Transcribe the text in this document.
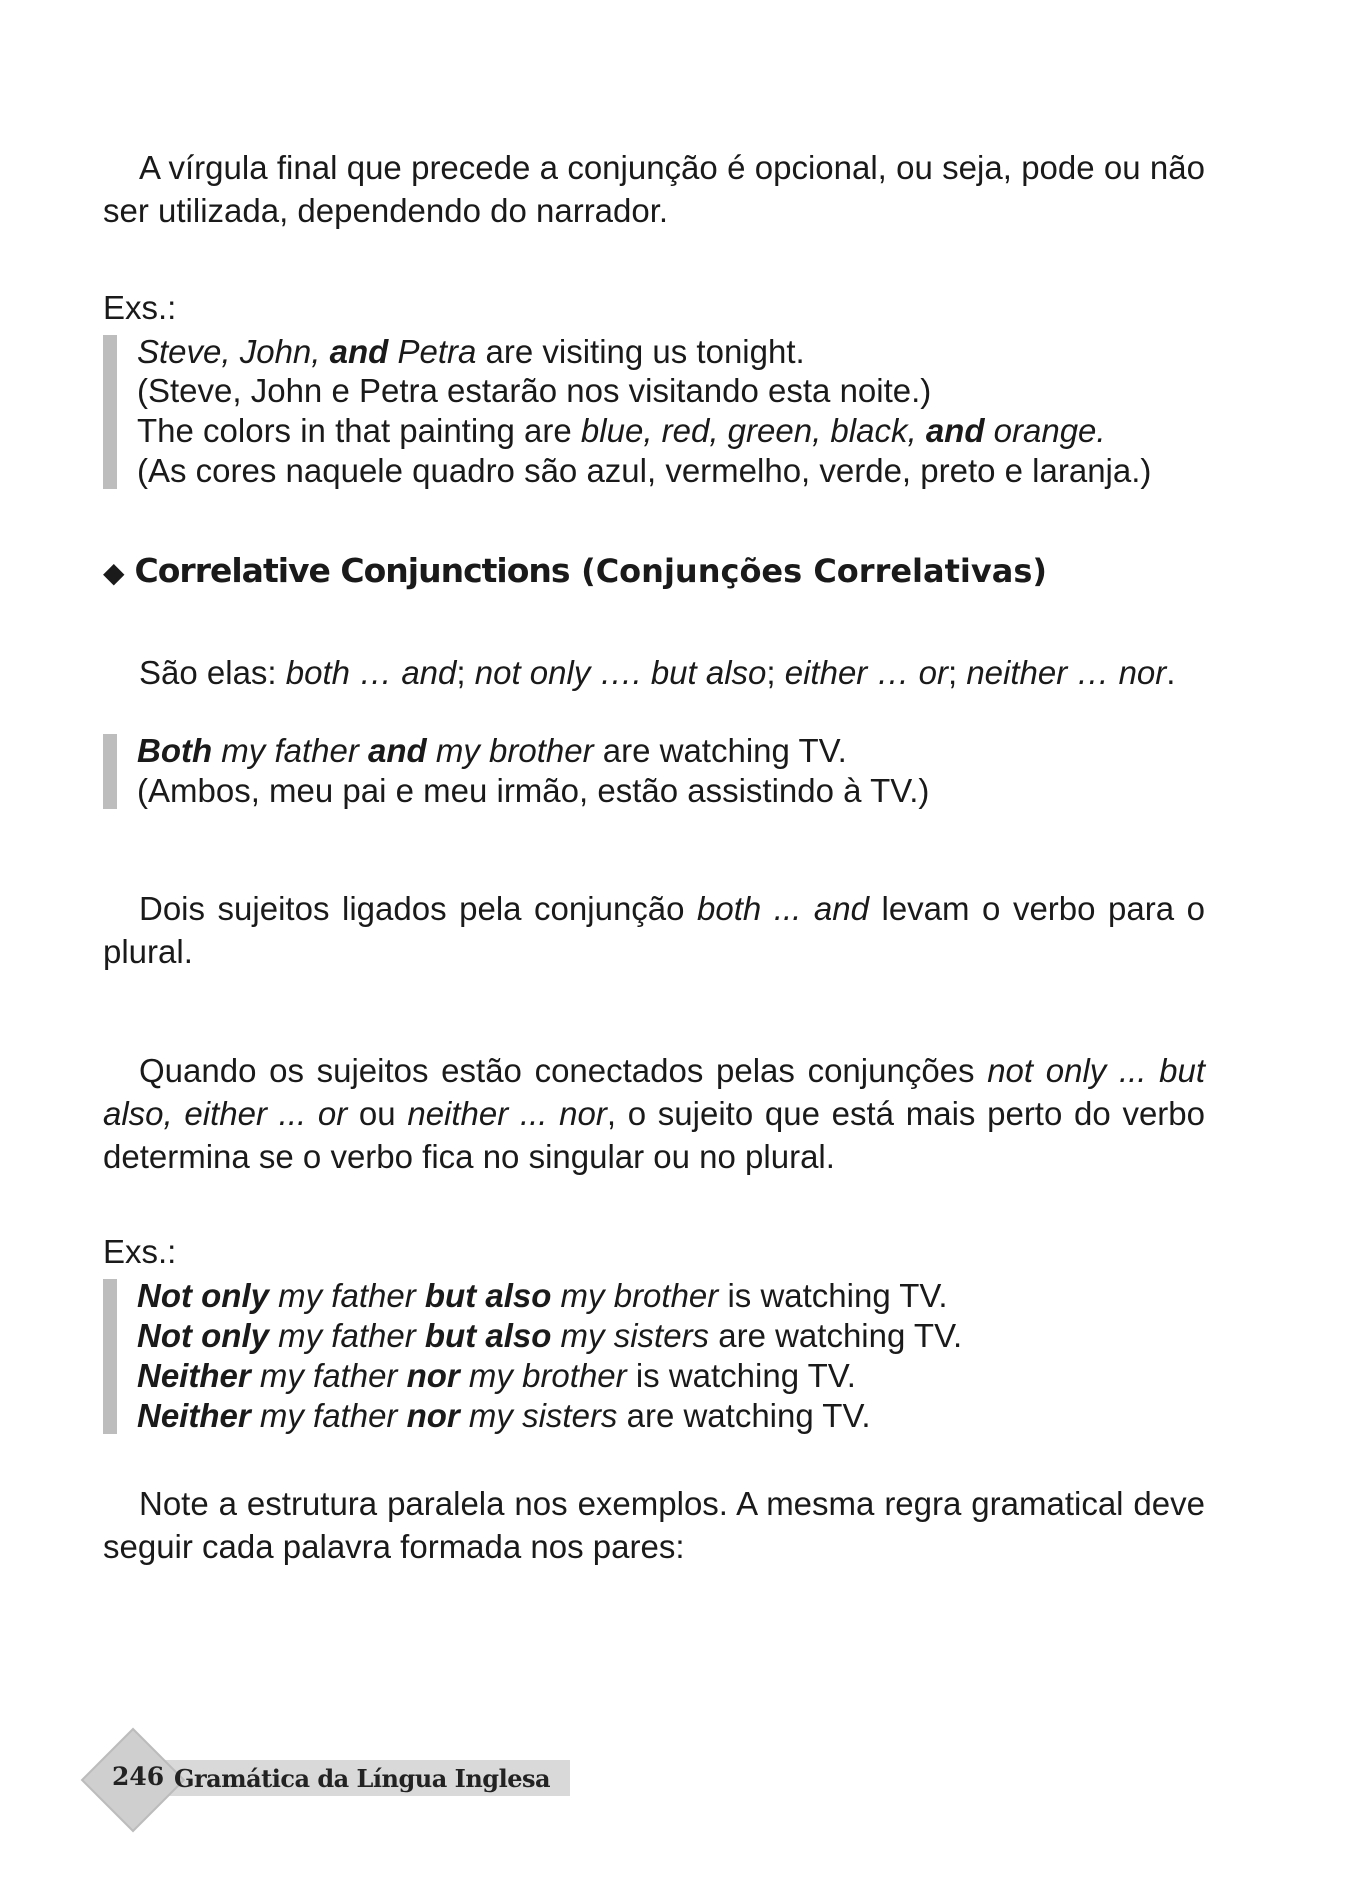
A vírgula final que precede a conjunção é opcional, ou seja, pode ou não ser utilizada, dependendo do narrador.

Exs.:

Steve, John, and Petra are visiting us tonight.
(Steve, John e Petra estarão nos visitando esta noite.)
The colors in that painting are blue, red, green, black, and orange.
(As cores naquele quadro são azul, vermelho, verde, preto e laranja.)
◆ Correlative Conjunctions (Conjunções Correlativas)

São elas: both … and; not only …. but also; either … or; neither … nor.

Both my father and my brother are watching TV.
(Ambos, meu pai e meu irmão, estão assistindo à TV.)

Dois sujeitos ligados pela conjunção both ... and levam o verbo para o plural.

Quando os sujeitos estão conectados pelas conjunções not only ... but also, either ... or ou neither ... nor, o sujeito que está mais perto do verbo determina se o verbo fica no singular ou no plural.

Exs.:

Not only my father but also my brother is watching TV.
Not only my father but also my sisters are watching TV.
Neither my father nor my brother is watching TV.
Neither my father nor my sisters are watching TV.

Note a estrutura paralela nos exemplos. A mesma regra gramatical deve seguir cada palavra formada nos pares:

246 Gramática da Língua Inglesa
